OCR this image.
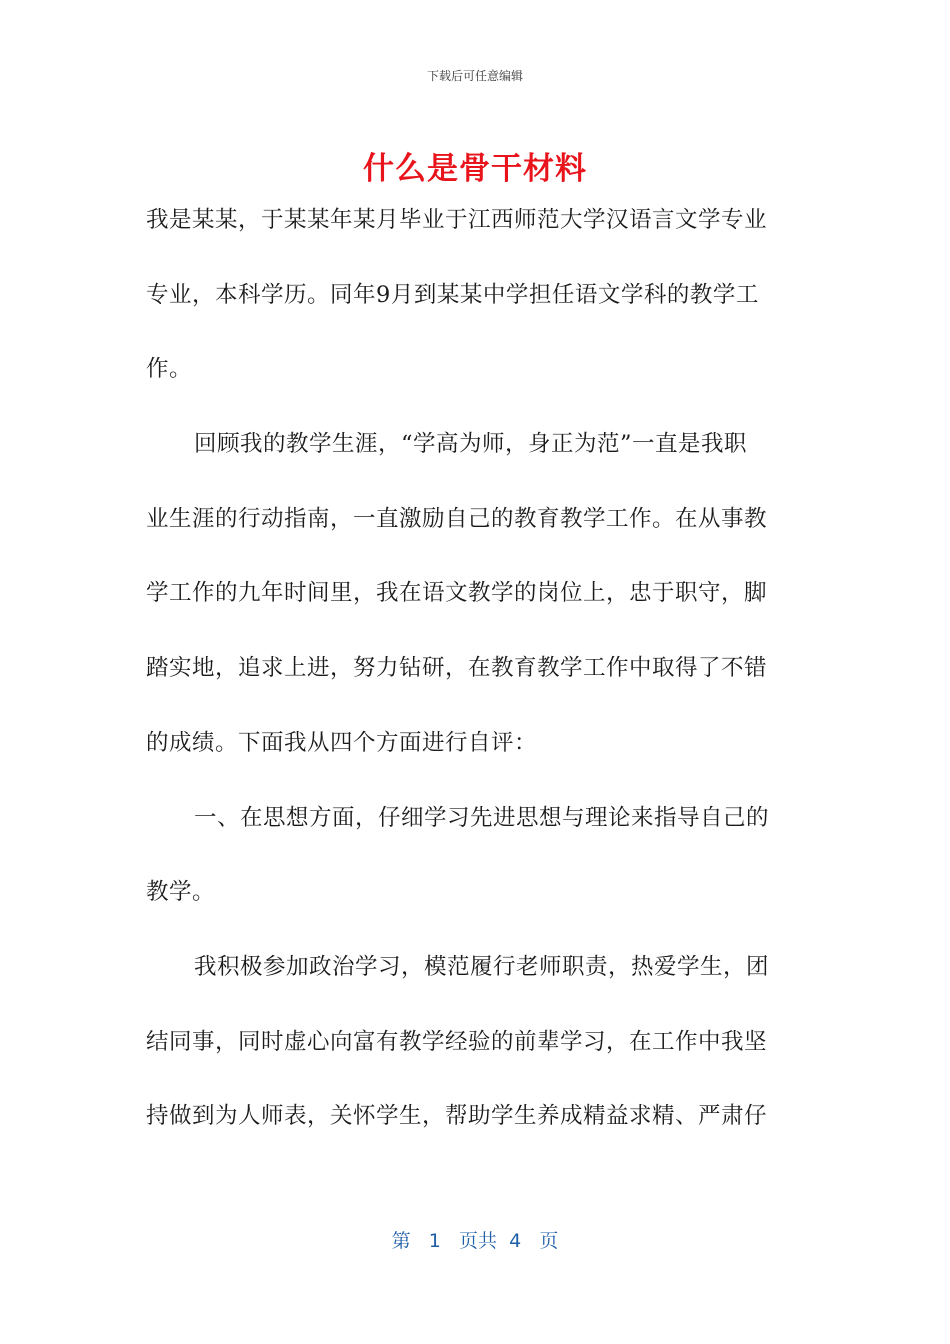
下载后可任意编辑
什么是骨干材料
我是某某，于某某年某月毕业于江西师范大学汉语言文学专业
专业，本科学历。同年9月到某某中学担任语文学科的教学工
作。
回顾我的教学生涯，“学高为师，身正为范”一直是我职
业生涯的行动指南，一直激励自己的教育教学工作。在从事教
学工作的九年时间里，我在语文教学的岗位上，忠于职守，脚
踏实地，追求上进，努力钻研，在教育教学工作中取得了不错
的成绩。下面我从四个方面进行自评：
一、在思想方面，仔细学习先进思想与理论来指导自己的
教学。
我积极参加政治学习，模范履行老师职责，热爱学生，团
结同事，同时虚心向富有教学经验的前辈学习，在工作中我坚
持做到为人师表，关怀学生，帮助学生养成精益求精、严肃仔
第 1 页共 4 页
